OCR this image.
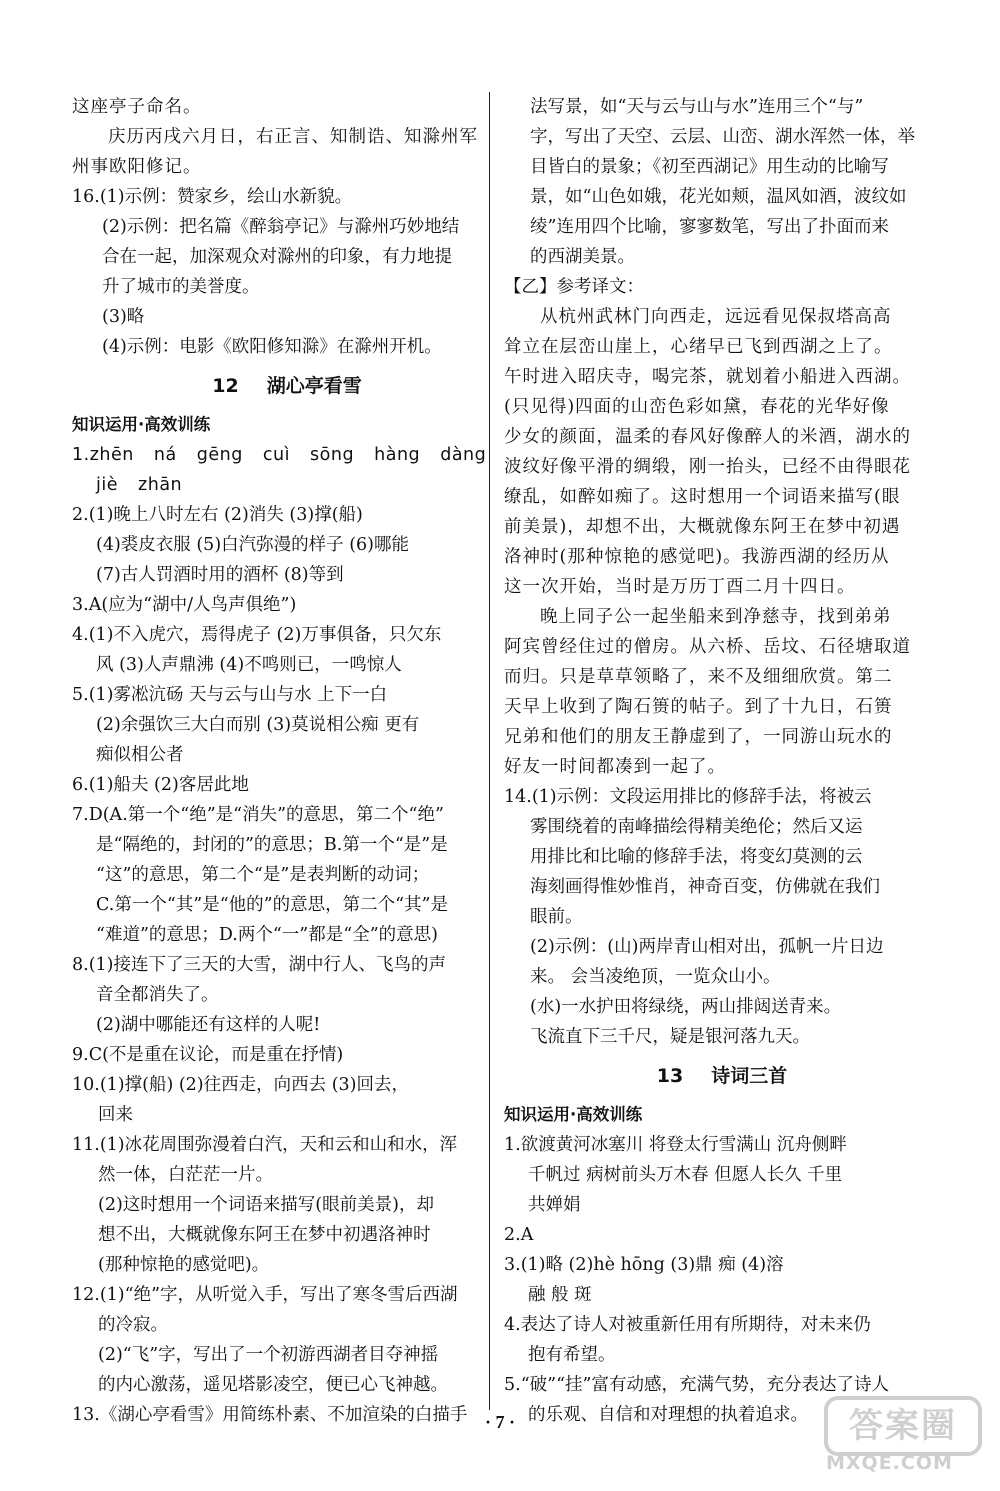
这座亭子命名。
庆历丙戌六月日，右正言、知制诰、知滁州军
州事欧阳修记。
16.(1)示例：赞家乡，绘山水新貌。
(2)示例：把名篇《醉翁亭记》与滁州巧妙地结
合在一起，加深观众对滁州的印象，有力地提
升了城市的美誉度。
(3)略
(4)示例：电影《欧阳修知滁》在滁州开机。
12 湖心亭看雪
知识运用·高效训练
1.zhēn ná gēng cuì sōng hàng dàng
jiè zhān
2.(1)晚上八时左右 (2)消失 (3)撑(船)
(4)裘皮衣服 (5)白汽弥漫的样子 (6)哪能
(7)古人罚酒时用的酒杯 (8)等到
3.A(应为“湖中/人鸟声俱绝”)
4.(1)不入虎穴，焉得虎子 (2)万事俱备，只欠东
风 (3)人声鼎沸 (4)不鸣则已，一鸣惊人
5.(1)雾凇沆砀 天与云与山与水 上下一白
(2)余强饮三大白而别 (3)莫说相公痴 更有
痴似相公者
6.(1)船夫 (2)客居此地
7.D(A.第一个“绝”是“消失”的意思，第二个“绝”
是“隔绝的，封闭的”的意思；B.第一个“是”是
“这”的意思，第二个“是”是表判断的动词；
C.第一个“其”是“他的”的意思，第二个“其”是
“难道”的意思；D.两个“一”都是“全”的意思)
8.(1)接连下了三天的大雪，湖中行人、飞鸟的声
音全都消失了。
(2)湖中哪能还有这样的人呢!
9.C(不是重在议论，而是重在抒情)
10.(1)撑(船) (2)往西走，向西去 (3)回去，
回来
11.(1)冰花周围弥漫着白汽，天和云和山和水，浑
然一体，白茫茫一片。
(2)这时想用一个词语来描写(眼前美景)，却
想不出，大概就像东阿王在梦中初遇洛神时
(那种惊艳的感觉吧)。
12.(1)“绝”字，从听觉入手，写出了寒冬雪后西湖
的冷寂。
(2)“飞”字，写出了一个初游西湖者目夺神摇
的内心激荡，遥见塔影凌空，便已心飞神越。
13.《湖心亭看雪》用简练朴素、不加渲染的白描手
法写景，如“天与云与山与水”连用三个“与”
字，写出了天空、云层、山峦、湖水浑然一体，举
目皆白的景象；《初至西湖记》用生动的比喻写
景，如“山色如娥，花光如颊，温风如酒，波纹如
绫”连用四个比喻，寥寥数笔，写出了扑面而来
的西湖美景。
【乙】参考译文：
从杭州武林门向西走，远远看见保叔塔高高
耸立在层峦山崖上，心绪早已飞到西湖之上了。
午时进入昭庆寺，喝完茶，就划着小船进入西湖。
(只见得)四面的山峦色彩如黛，春花的光华好像
少女的颜面，温柔的春风好像醉人的米酒，湖水的
波纹好像平滑的绸缎，刚一抬头，已经不由得眼花
缭乱，如醉如痴了。这时想用一个词语来描写(眼
前美景)，却想不出，大概就像东阿王在梦中初遇
洛神时(那种惊艳的感觉吧)。我游西湖的经历从
这一次开始，当时是万历丁酉二月十四日。
晚上同子公一起坐船来到净慈寺，找到弟弟
阿宾曾经住过的僧房。从六桥、岳坟、石径塘取道
而归。只是草草领略了，来不及细细欣赏。第二
天早上收到了陶石篑的帖子。到了十九日，石篑
兄弟和他们的朋友王静虚到了，一同游山玩水的
好友一时间都凑到一起了。
14.(1)示例：文段运用排比的修辞手法，将被云
雾围绕着的南峰描绘得精美绝伦；然后又运
用排比和比喻的修辞手法，将变幻莫测的云
海刻画得惟妙惟肖，神奇百变，仿佛就在我们
眼前。
(2)示例：(山)两岸青山相对出，孤帆一片日边
来。 会当凌绝顶，一览众山小。
(水)一水护田将绿绕，两山排闼送青来。
飞流直下三千尺，疑是银河落九天。
13 诗词三首
知识运用·高效训练
1.欲渡黄河冰塞川 将登太行雪满山 沉舟侧畔
千帆过 病树前头万木春 但愿人长久 千里
共婵娟
2.A
3.(1)略 (2)hè hōng (3)鼎 痴 (4)溶
融 般 斑
4.表达了诗人对被重新任用有所期待，对未来仍
抱有希望。
5.“破”“挂”富有动感，充满气势，充分表达了诗人
的乐观、自信和对理想的执着追求。
· 7 ·	答案圈
MXQE.COM
